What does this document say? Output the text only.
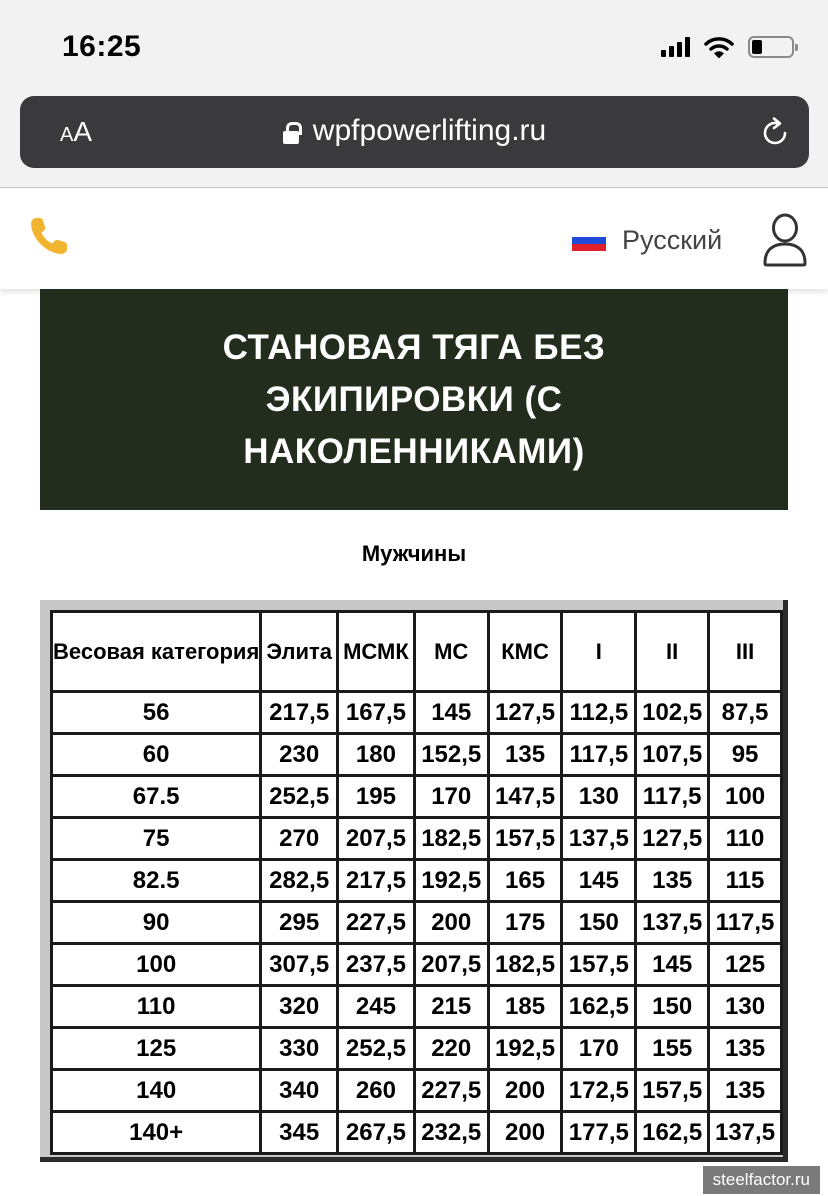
16:25
AA	wpfpowerlifting.ru
Русский
СТАНОВАЯ ТЯГА БЕЗ ЭКИПИРОВКИ (С НАКОЛЕННИКАМИ)
Мужчины
Весовая категория	Элита	МСМК	МС	КМС	I	II	III
56	217,5	167,5	145	127,5	112,5	102,5	87,5
60	230	180	152,5	135	117,5	107,5	95
67.5	252,5	195	170	147,5	130	117,5	100
75	270	207,5	182,5	157,5	137,5	127,5	110
82.5	282,5	217,5	192,5	165	145	135	115
90	295	227,5	200	175	150	137,5	117,5
100	307,5	237,5	207,5	182,5	157,5	145	125
110	320	245	215	185	162,5	150	130
125	330	252,5	220	192,5	170	155	135
140	340	260	227,5	200	172,5	157,5	135
140+	345	267,5	232,5	200	177,5	162,5	137,5
steelfactor.ru
